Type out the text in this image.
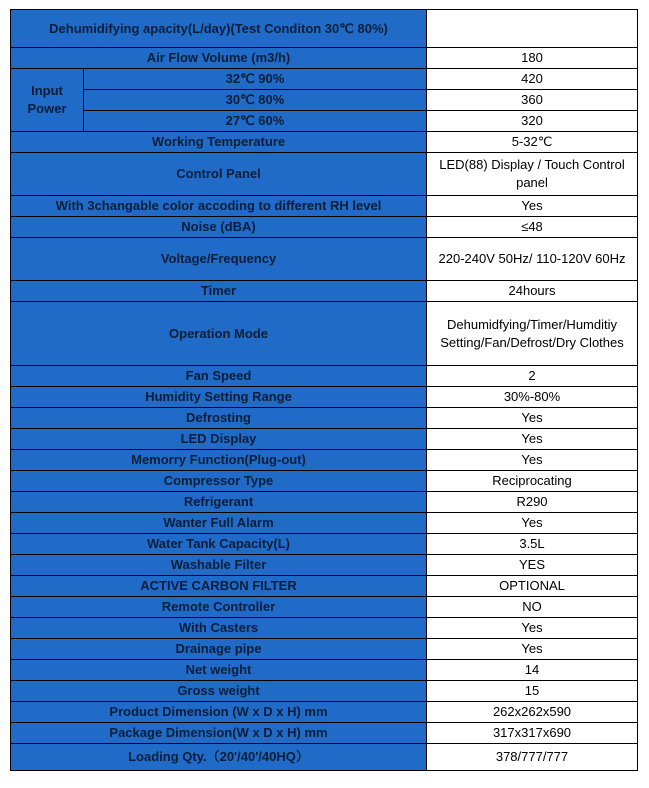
Dehumidifying apacity(L/day)(Test Conditon 30℃ 80%)		
Air Flow Volume (m3/h)		180
Input Power	32℃ 90%	420
	30℃ 80%	360
	27℃ 60%	320
Working Temperature		5-32℃
Control Panel		LED(88) Display / Touch Control panel
With 3changable color accoding to different RH level		Yes
Noise (dBA)		≤48
Voltage/Frequency		220-240V 50Hz/ 110-120V 60Hz
Timer		24hours
Operation Mode		Dehumidfying/Timer/Humditiy Setting/Fan/Defrost/Dry Clothes
Fan Speed		2
Humidity Setting Range		30%-80%
Defrosting		Yes
LED Display		Yes
Memorry Function(Plug-out)		Yes
Compressor Type		Reciprocating
Refrigerant		R290
Wanter Full Alarm		Yes
Water Tank Capacity(L)		3.5L
Washable Filter		YES
ACTIVE CARBON FILTER		OPTIONAL
Remote Controller		NO
With Casters		Yes
Drainage pipe		Yes
Net weight		14
Gross weight		15
Product Dimension (W x D x H) mm		262x262x590
Package Dimension(W x D x H) mm		317x317x690
Loading Qty.（20'/40'/40HQ）		378/777/777
